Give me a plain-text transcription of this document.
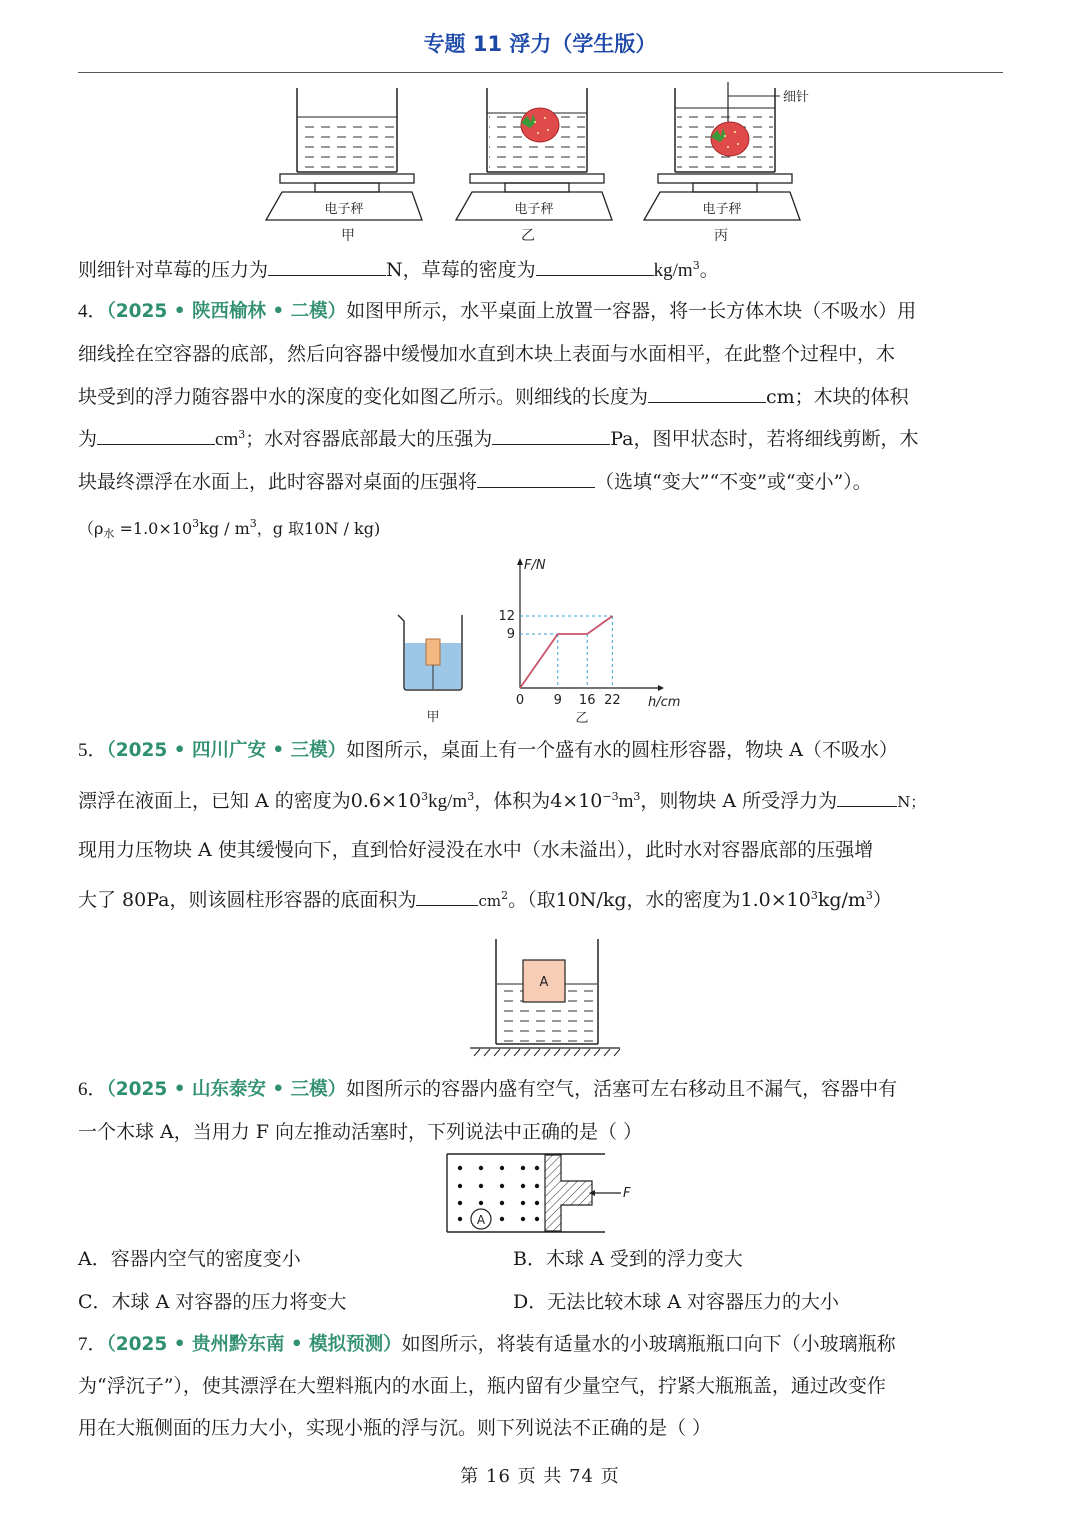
专题 11 浮力（学生版）
电子秤
甲
电子秤
乙
细针
电子秤
丙
则细针对草莓的压力为	N，草莓的密度为	$kg/m^3$。
4．（2025 • 陕西榆林 • 二模）如图甲所示，水平桌面上放置一容器，将一长方体木块（不吸水）用
细线拴在空容器的底部，然后向容器中缓慢加水直到木块上表面与水面相平，在此整个过程中，木
块受到的浮力随容器中水的深度的变化如图乙所示。则细线的长度为	cm；木块的体积
为	$cm^3$；水对容器底部最大的压强为	Pa，图甲状态时，若将细线剪断，木
块最终漂浮在水面上，此时容器对桌面的压强将	（选填“变大”“不变”或“变小”）。
（$\rho_水 =1.0\times 10^3kg / m^3$，g 取10N / kg)
甲
F/N
h/cm
0 9 16 22
9
12
乙
5．（2025 • 四川广安 • 三模）如图所示，桌面上有一个盛有水的圆柱形容器，物块 A（不吸水）
漂浮在液面上，已知 A 的密度为$0.6\times 10^3kg/m^3$，体积为$4\times 10^{-3}m^3$，则物块 A 所受浮力为	N；
现用力压物块 A 使其缓慢向下，直到恰好浸没在水中（水未溢出），此时水对容器底部的压强增
大了 80Pa，则该圆柱形容器的底面积为	$cm^2$。（取10N/kg，水的密度为$1.0\times 10^3kg/m^3$）
A
6．（2025 • 山东泰安 • 三模）如图所示的容器内盛有空气，活塞可左右移动且不漏气，容器中有
一个木球 A，当用力 F 向左推动活塞时，下列说法中正确的是（ ）
A
F
A．容器内空气的密度变小	B．木球 A 受到的浮力变大
C．木球 A 对容器的压力将变大	D．无法比较木球 A 对容器压力的大小
7．（2025 • 贵州黔东南 • 模拟预测）如图所示，将装有适量水的小玻璃瓶瓶口向下（小玻璃瓶称
为“浮沉子”），使其漂浮在大塑料瓶内的水面上，瓶内留有少量空气，拧紧大瓶瓶盖，通过改变作
用在大瓶侧面的压力大小，实现小瓶的浮与沉。则下列说法不正确的是（ ）
第 16 页 共 74 页
